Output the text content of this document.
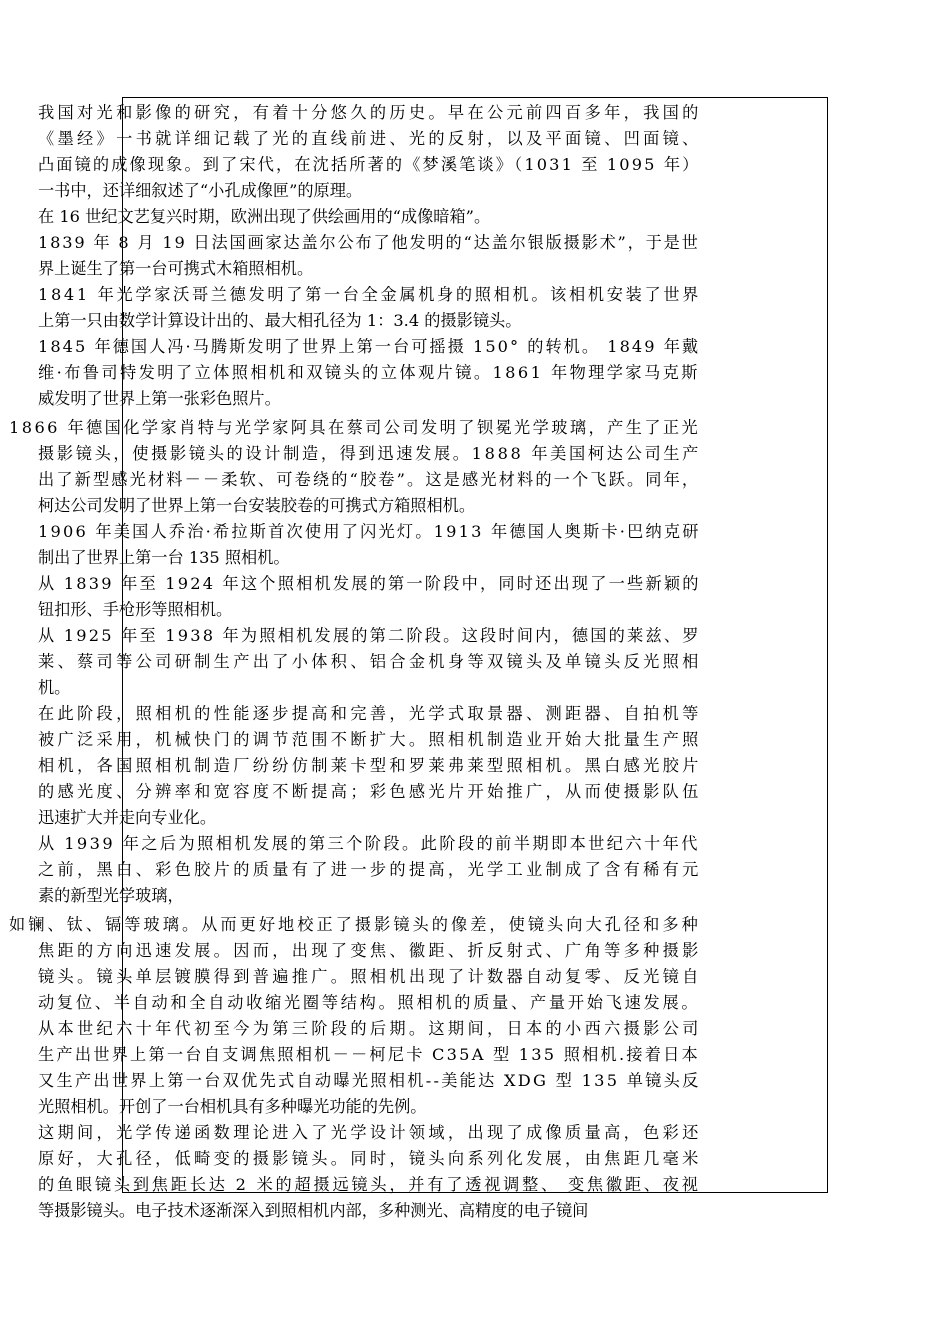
我国对光和影像的研究，有着十分悠久的历史。早在公元前四百多年，我国的
《墨经》一书就详细记载了光的直线前进、光的反射，以及平面镜、凹面镜、
凸面镜的成像现象。到了宋代，在沈括所著的《梦溪笔谈》（1031 至 1095 年）
一书中，还详细叙述了“小孔成像匣”的原理。
在 16 世纪文艺复兴时期，欧洲出现了供绘画用的“成像暗箱”。
1839 年 8 月 19 日法国画家达盖尔公布了他发明的“达盖尔银版摄影术”，于是世
界上诞生了第一台可携式木箱照相机。
1841 年光学家沃哥兰德发明了第一台全金属机身的照相机。该相机安装了世界
上第一只由数学计算设计出的、最大相孔径为 1：3.4 的摄影镜头。
1845 年德国人冯·马腾斯发明了世界上第一台可摇摄 150° 的转机。 1849 年戴
维·布鲁司特发明了立体照相机和双镜头的立体观片镜。1861 年物理学家马克斯
威发明了世界上第一张彩色照片。
1866 年德国化学家肖特与光学家阿具在蔡司公司发明了钡冕光学玻璃，产生了正光
摄影镜头，使摄影镜头的设计制造，得到迅速发展。1888 年美国柯达公司生产
出了新型感光材料－－柔软、可卷绕的“胶卷”。这是感光材料的一个飞跃。同年，
柯达公司发明了世界上第一台安装胶卷的可携式方箱照相机。
1906 年美国人乔治·希拉斯首次使用了闪光灯。1913 年德国人奥斯卡·巴纳克研
制出了世界上第一台 135 照相机。
从 1839 年至 1924 年这个照相机发展的第一阶段中，同时还出现了一些新颖的
钮扣形、手枪形等照相机。
从 1925 年至 1938 年为照相机发展的第二阶段。这段时间内，德国的莱兹、罗
莱、蔡司等公司研制生产出了小体积、铝合金机身等双镜头及单镜头反光照相
机。
在此阶段，照相机的性能逐步提高和完善，光学式取景器、测距器、自拍机等
被广泛采用，机械快门的调节范围不断扩大。照相机制造业开始大批量生产照
相机，各国照相机制造厂纷纷仿制莱卡型和罗莱弗莱型照相机。黑白感光胶片
的感光度、分辨率和宽容度不断提高；彩色感光片开始推广，从而使摄影队伍
迅速扩大并走向专业化。
从 1939 年之后为照相机发展的第三个阶段。此阶段的前半期即本世纪六十年代
之前，黑白、彩色胶片的质量有了进一步的提高，光学工业制成了含有稀有元
素的新型光学玻璃，
如镧、钛、镉等玻璃。从而更好地校正了摄影镜头的像差，使镜头向大孔径和多种
焦距的方向迅速发展。因而，出现了变焦、徽距、折反射式、广角等多种摄影
镜头。镜头单层镀膜得到普遍推广。照相机出现了计数器自动复零、反光镜自
动复位、半自动和全自动收缩光圈等结构。照相机的质量、产量开始飞速发展。
从本世纪六十年代初至今为第三阶段的后期。这期间，日本的小西六摄影公司
生产出世界上第一台自支调焦照相机－－柯尼卡 C35A 型 135 照相机.接着日本
又生产出世界上第一台双优先式自动曝光照相机--美能达 XDG 型 135 单镜头反
光照相机。开创了一台相机具有多种曝光功能的先例。
这期间，光学传递函数理论进入了光学设计领域，出现了成像质量高，色彩还
原好，大孔径，低畸变的摄影镜头。同时，镜头向系列化发展，由焦距几毫米
的鱼眼镜头到焦距长达 2 米的超摄远镜头，并有了透视调整、 变焦徽距、夜视
等摄影镜头。电子技术逐渐深入到照相机内部，多种测光、高精度的电子镜间
